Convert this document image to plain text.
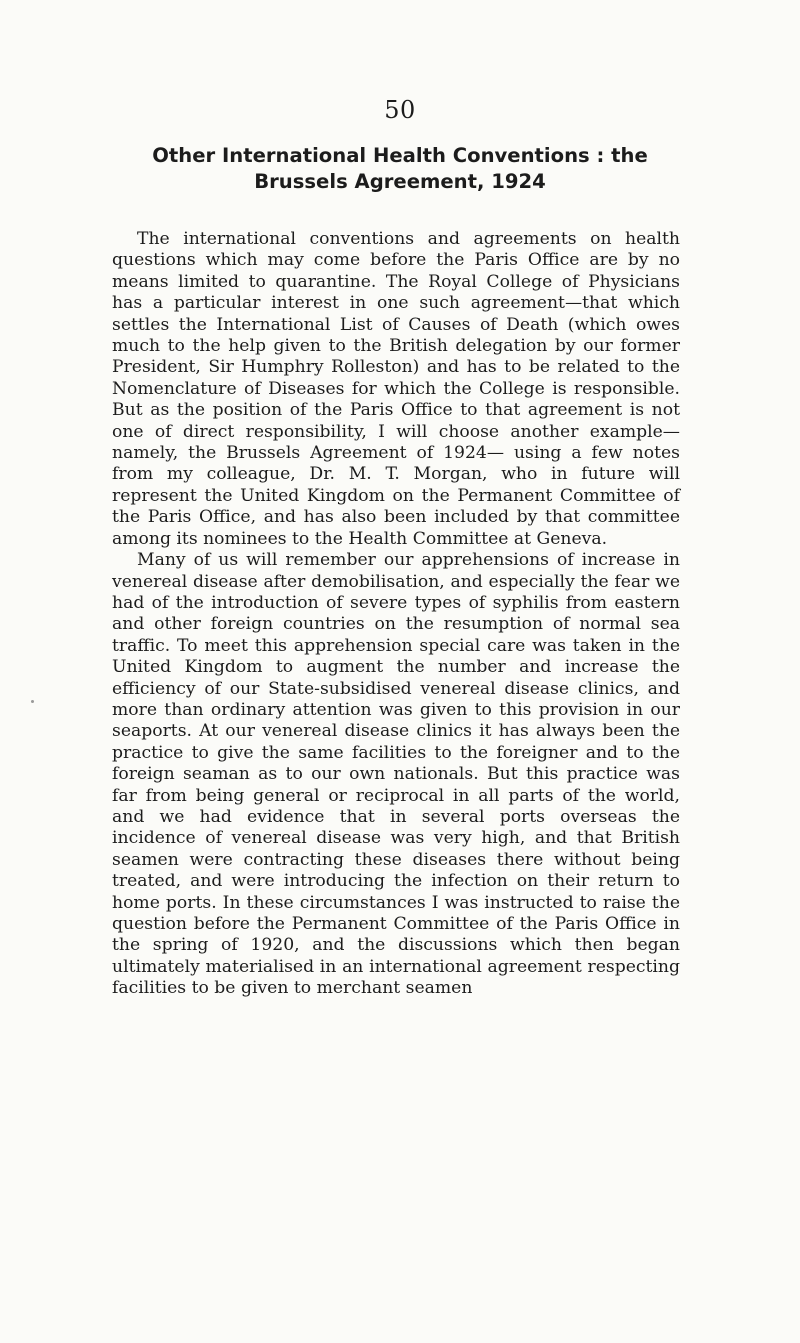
50
Other International Health Conventions : the
Brussels Agreement, 1924

The international conventions and agreements on health questions which may come before the Paris Office are by no means limited to quarantine. The Royal College of Physicians has a particular interest in one such agreement—that which settles the International List of Causes of Death (which owes much to the help given to the British delegation by our former President, Sir Humphry Rolleston) and has to be related to the Nomenclature of Diseases for which the College is responsible. But as the position of the Paris Office to that agreement is not one of direct responsibility, I will choose another example—namely, the Brussels Agreement of 1924— using a few notes from my colleague, Dr. M. T. Morgan, who in future will represent the United Kingdom on the Permanent Committee of the Paris Office, and has also been included by that committee among its nominees to the Health Committee at Geneva.

Many of us will remember our apprehensions of increase in venereal disease after demobilisation, and especially the fear we had of the introduction of severe types of syphilis from eastern and other foreign countries on the resumption of normal sea traffic. To meet this apprehension special care was taken in the United Kingdom to augment the number and increase the efficiency of our State-subsidised venereal disease clinics, and more than ordinary attention was given to this provision in our seaports. At our venereal disease clinics it has always been the practice to give the same facilities to the foreigner and to the foreign seaman as to our own nationals. But this practice was far from being general or reciprocal in all parts of the world, and we had evidence that in several ports overseas the incidence of venereal disease was very high, and that British seamen were contracting these diseases there without being treated, and were introducing the infection on their return to home ports. In these circumstances I was instructed to raise the question before the Permanent Committee of the Paris Office in the spring of 1920, and the discussions which then began ultimately materialised in an international agreement respecting facilities to be given to merchant seamen
